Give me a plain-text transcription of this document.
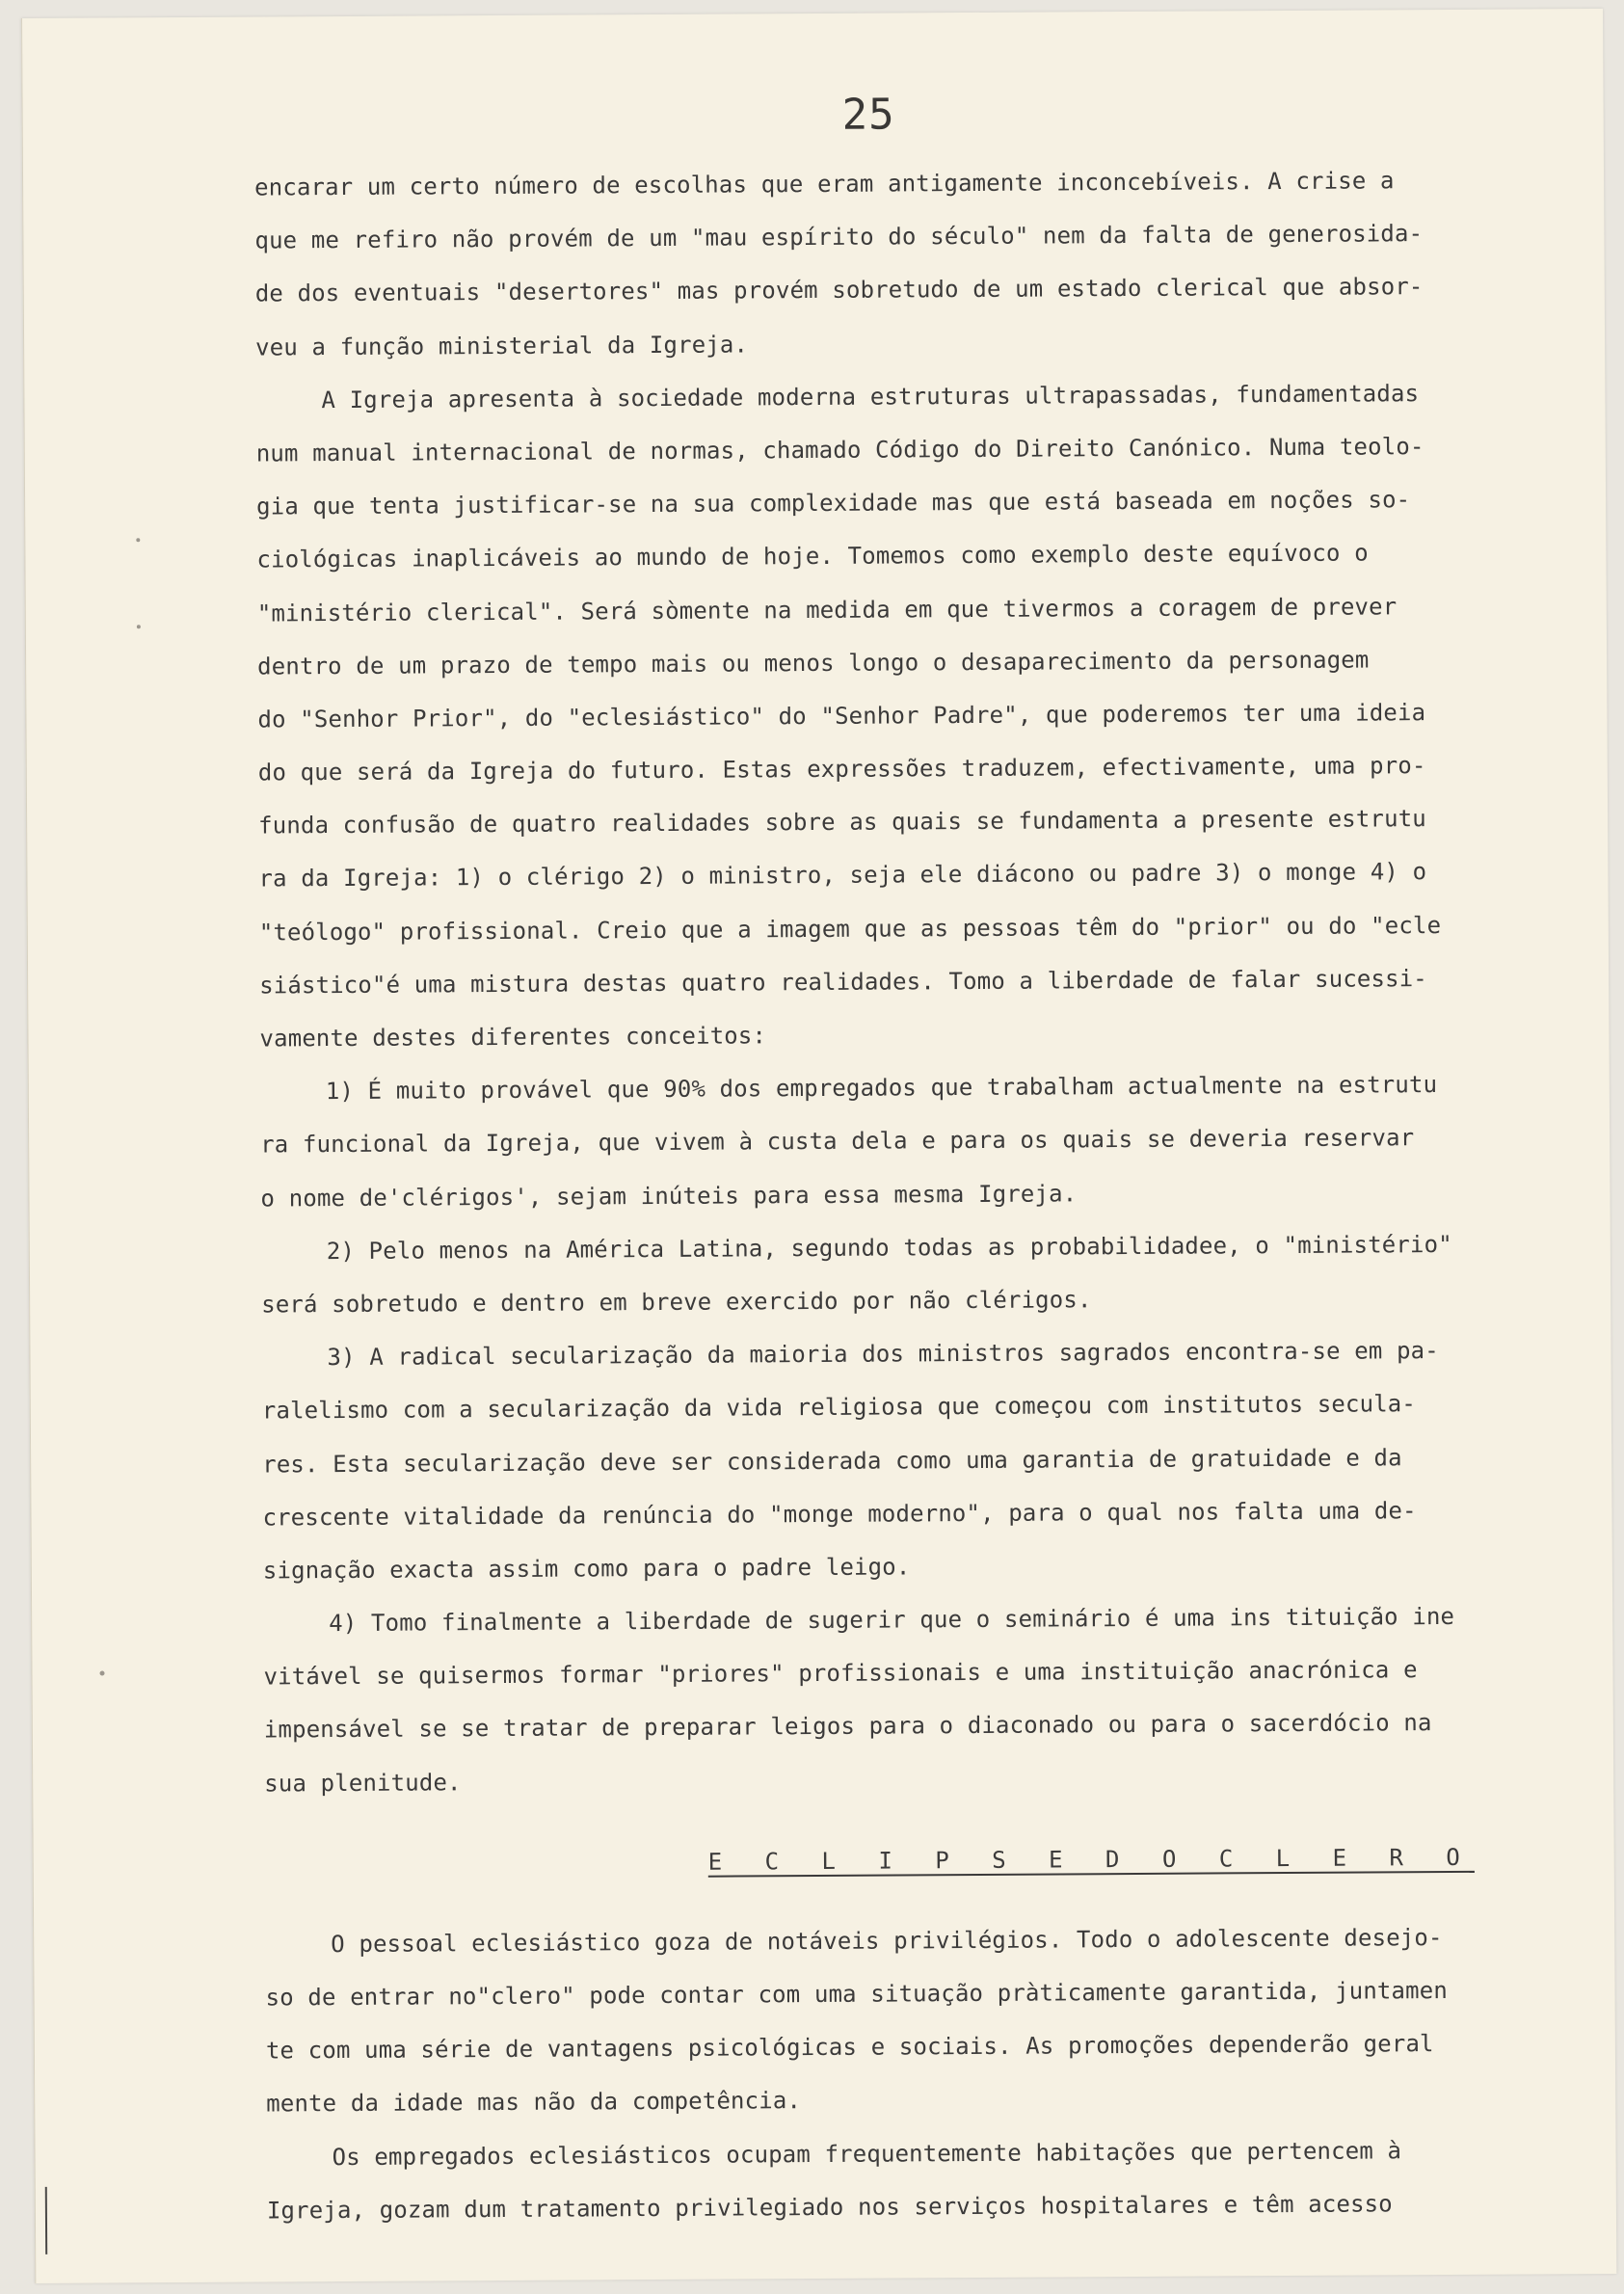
25
encarar um certo número de escolhas que eram antigamente inconcebíveis. A crise a
que me refiro não provém de um "mau espírito do século" nem da falta de generosida-
de dos eventuais "desertores" mas provém sobretudo de um estado clerical que absor-
veu a função ministerial da Igreja.
A Igreja apresenta à sociedade moderna estruturas ultrapassadas, fundamentadas
num manual internacional de normas, chamado Código do Direito Canónico. Numa teolo-
gia que tenta justificar-se na sua complexidade mas que está baseada em noções so-
ciológicas inaplicáveis ao mundo de hoje. Tomemos como exemplo deste equívoco o
"ministério clerical". Será sòmente na medida em que tivermos a coragem de prever
dentro de um prazo de tempo mais ou menos longo o desaparecimento da personagem
do "Senhor Prior", do "eclesiástico" do "Senhor Padre", que poderemos ter uma ideia
do que será da Igreja do futuro. Estas expressões traduzem, efectivamente, uma pro-
funda confusão de quatro realidades sobre as quais se fundamenta a presente estrutu
ra da Igreja: 1) o clérigo 2) o ministro, seja ele diácono ou padre 3) o monge 4) o
"teólogo" profissional. Creio que a imagem que as pessoas têm do "prior" ou do "ecle
siástico"é uma mistura destas quatro realidades. Tomo a liberdade de falar sucessi-
vamente destes diferentes conceitos:
1) É muito provável que 90% dos empregados que trabalham actualmente na estrutu
ra funcional da Igreja, que vivem à custa dela e para os quais se deveria reservar
o nome de'clérigos', sejam inúteis para essa mesma Igreja.
2) Pelo menos na América Latina, segundo todas as probabilidadee, o "ministério"
será sobretudo e dentro em breve exercido por não clérigos.
3) A radical secularização da maioria dos ministros sagrados encontra-se em pa-
ralelismo com a secularização da vida religiosa que começou com institutos secula-
res. Esta secularização deve ser considerada como uma garantia de gratuidade e da
crescente vitalidade da renúncia do "monge moderno", para o qual nos falta uma de-
signação exacta assim como para o padre leigo.
4) Tomo finalmente a liberdade de sugerir que o seminário é uma ins tituição ine
vitável se quisermos formar "priores" profissionais e uma instituição anacrónica e
impensável se se tratar de preparar leigos para o diaconado ou para o sacerdócio na
sua plenitude.
E C L I P S E D O C L E R O
O pessoal eclesiástico goza de notáveis privilégios. Todo o adolescente desejo-
so de entrar no"clero" pode contar com uma situação pràticamente garantida, juntamen
te com uma série de vantagens psicológicas e sociais. As promoções dependerão geral
mente da idade mas não da competência.
Os empregados eclesiásticos ocupam frequentemente habitações que pertencem à
Igreja, gozam dum tratamento privilegiado nos serviços hospitalares e têm acesso
